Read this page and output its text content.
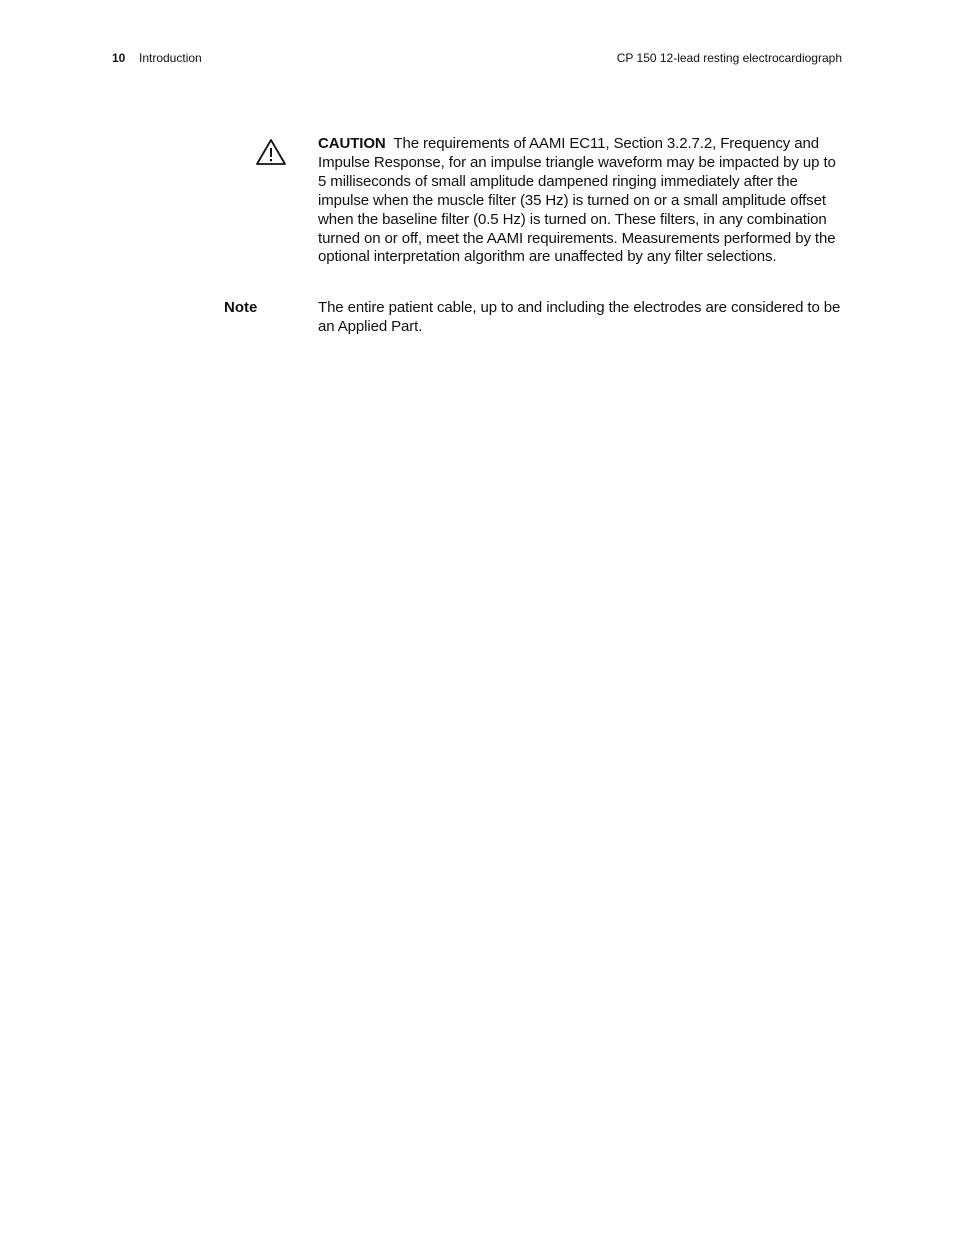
10 Introduction	CP 150 12-lead resting electrocardiograph
CAUTION The requirements of AAMI EC11, Section 3.2.7.2, Frequency and Impulse Response, for an impulse triangle waveform may be impacted by up to 5 milliseconds of small amplitude dampened ringing immediately after the impulse when the muscle filter (35 Hz) is turned on or a small amplitude offset when the baseline filter (0.5 Hz) is turned on. These filters, in any combination turned on or off, meet the AAMI requirements. Measurements performed by the optional interpretation algorithm are unaffected by any filter selections.
Note	The entire patient cable, up to and including the electrodes are considered to be an Applied Part.
